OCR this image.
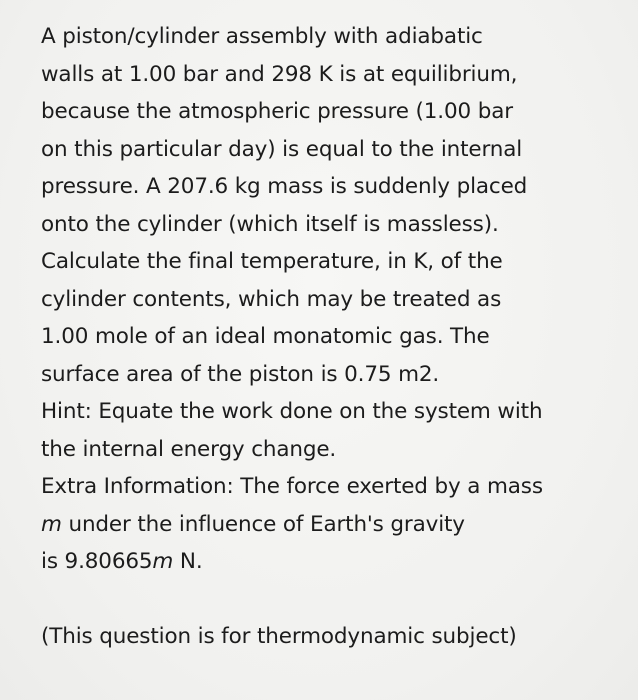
A piston/cylinder assembly with adiabatic

walls at 1.00 bar and 298 K is at equilibrium,

because the atmospheric pressure (1.00 bar

on this particular day) is equal to the internal

pressure. A 207.6 kg mass is suddenly placed

onto the cylinder (which itself is massless).

Calculate the final temperature, in K, of the

cylinder contents, which may be treated as

1.00 mole of an ideal monatomic gas. The

surface area of the piston is 0.75 m2.

Hint: Equate the work done on the system with

the internal energy change.

Extra Information: The force exerted by a mass

m under the influence of Earth's gravity

is 9.80665m N.

(This question is for thermodynamic subject)
